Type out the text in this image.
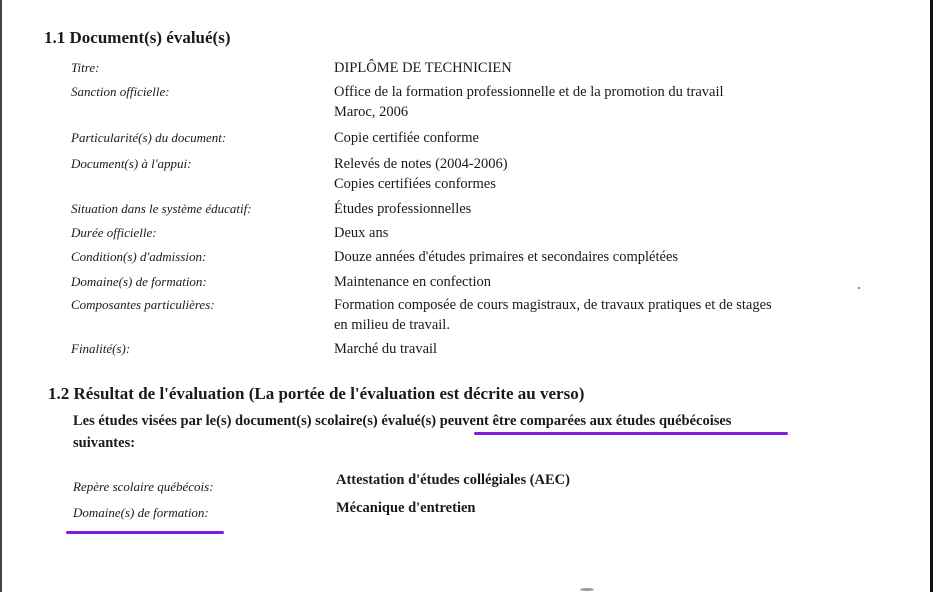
1.1 Document(s) évalué(s)
Titre:	DIPLÔME DE TECHNICIEN
Sanction officielle:	Office de la formation professionnelle et de la promotion du travail
Maroc, 2006
Particularité(s) du document:	Copie certifiée conforme
Document(s) à l'appui:	Relevés de notes (2004-2006)
Copies certifiées conformes
Situation dans le système éducatif:	Études professionnelles
Durée officielle:	Deux ans
Condition(s) d'admission:	Douze années d'études primaires et secondaires complétées
Domaine(s) de formation:	Maintenance en confection
Composantes particulières:	Formation composée de cours magistraux, de travaux pratiques et de stages
en milieu de travail.
Finalité(s):	Marché du travail
1.2 Résultat de l'évaluation (La portée de l'évaluation est décrite au verso)
Les études visées par le(s) document(s) scolaire(s) évalué(s) peuvent être comparées aux études québécoises
suivantes:
Repère scolaire québécois:	Attestation d'études collégiales (AEC)
Domaine(s) de formation:	Mécanique d'entretien
